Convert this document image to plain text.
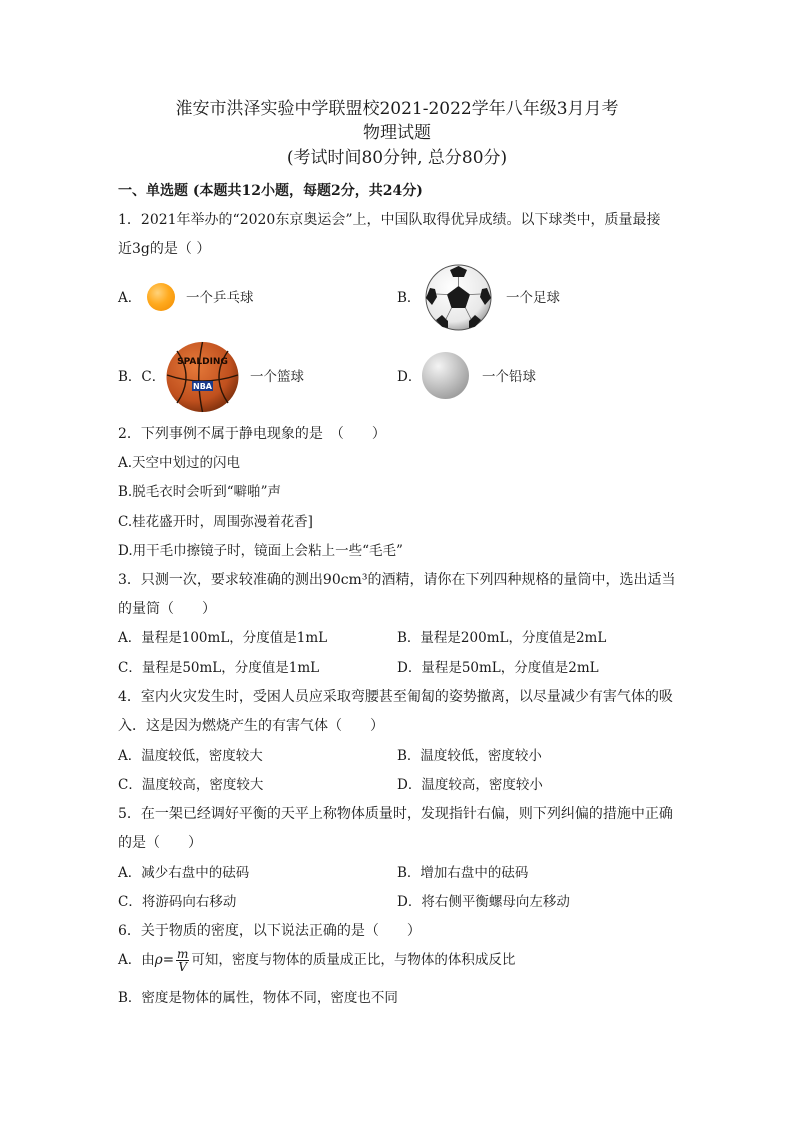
淮安市洪泽实验中学联盟校2021-2022学年八年级3月月考
物理试题
(考试时间80分钟, 总分80分)
一、单选题 (本题共12小题，每题2分，共24分)
1．2021年举办的“2020东京奥运会”上，中国队取得优异成绩。以下球类中，质量最接
近3g的是（ ）
A．	一个乒乓球	B．	一个足球
B．C．
SPALDING
NBA
一个篮球	D．	一个铅球
2．下列事例不属于静电现象的是　（　　）
A.天空中划过的闪电
B.脱毛衣时会听到“噼啪”声
C.桂花盛开时，周围弥漫着花香]
D.用干毛巾擦镜子时，镜面上会粘上一些“毛毛”
3．只测一次，要求较准确的测出90cm³的酒精，请你在下列四种规格的量筒中，选出适当
的量筒（　　）
A．量程是100mL，分度值是1mL	B．量程是200mL，分度值是2mL
C．量程是50mL，分度值是1mL	D．量程是50mL，分度值是2mL
4．室内火灾发生时，受困人员应采取弯腰甚至匍匐的姿势撤离，以尽量减少有害气体的吸
入．这是因为燃烧产生的有害气体（　　）
A．温度较低，密度较大	B．温度较低，密度较小
C．温度较高，密度较大	D．温度较高，密度较小
5．在一架已经调好平衡的天平上称物体质量时，发现指针右偏，则下列纠偏的措施中正确
的是（　　）
A．减少右盘中的砝码	B．增加右盘中的砝码
C．将游码向右移动	D．将右侧平衡螺母向左移动
6．关于物质的密度，以下说法正确的是（　　）
A．由$\rho= \frac{m}{V}$ 可知，密度与物体的质量成正比，与物体的体积成反比
B．密度是物体的属性，物体不同，密度也不同
